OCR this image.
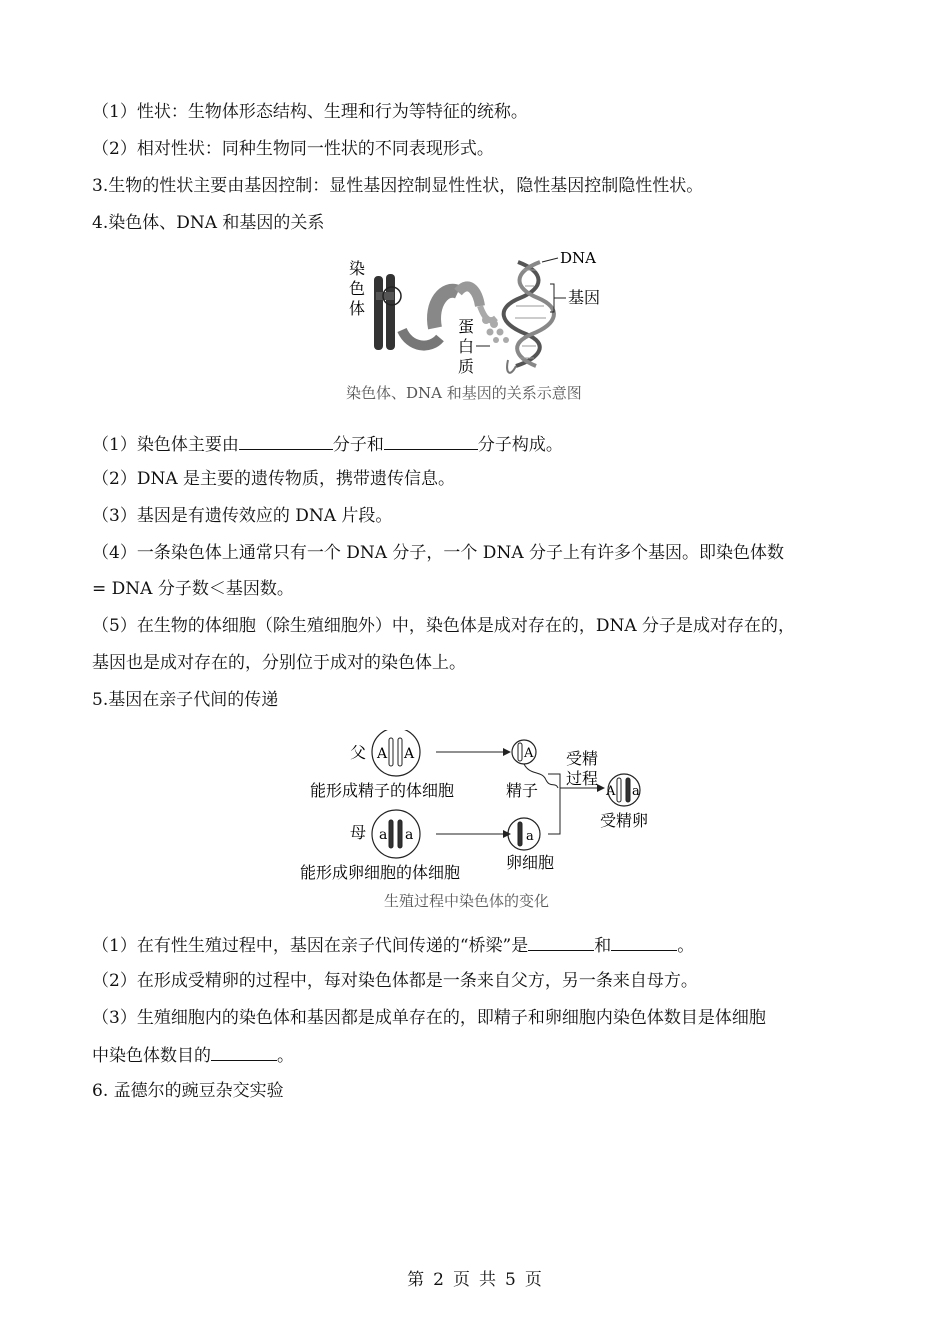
（1）性状：生物体形态结构、生理和行为等特征的统称。
（2）相对性状：同种生物同一性状的不同表现形式。
3.生物的性状主要由基因控制：显性基因控制显性性状，隐性基因控制隐性性状。
4.染色体、DNA 和基因的关系
染
色
体
蛋
白
质
DNA
基因
染色体、DNA 和基因的关系示意图
（1）染色体主要由	分子和	分子构成。
（2）DNA 是主要的遗传物质，携带遗传信息。
（3）基因是有遗传效应的 DNA 片段。
（4）一条染色体上通常只有一个 DNA 分子，一个 DNA 分子上有许多个基因。即染色体数
= DNA 分子数＜基因数。
（5）在生物的体细胞（除生殖细胞外）中，染色体是成对存在的，DNA 分子是成对存在的，
基因也是成对存在的，分别位于成对的染色体上。
5.基因在亲子代间的传递
父 A A	A
精子
能形成精子的体细胞
受精
过程
A a
受精卵
母 a a	a
卵细胞
能形成卵细胞的体细胞
生殖过程中染色体的变化
（1）在有性生殖过程中，基因在亲子代间传递的“桥梁”是	和	。
（2）在形成受精卵的过程中，每对染色体都是一条来自父方，另一条来自母方。
（3）生殖细胞内的染色体和基因都是成单存在的，即精子和卵细胞内染色体数目是体细胞
中染色体数目的	。
6. 孟德尔的豌豆杂交实验
第 2 页 共 5 页
